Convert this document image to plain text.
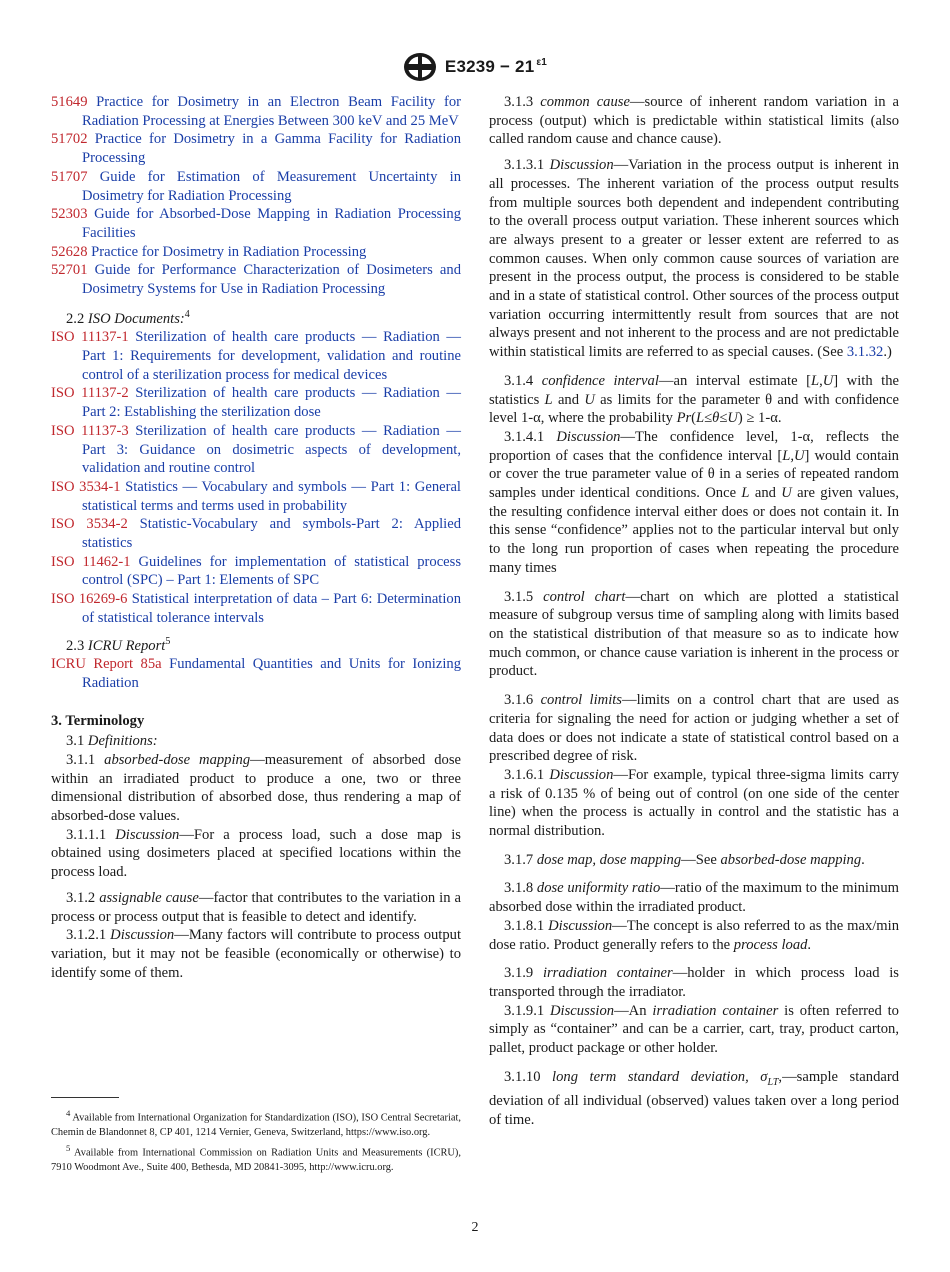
E3239 − 21 $^{\varepsilon 1}$

51649 Practice for Dosimetry in an Electron Beam Facility for Radiation Processing at Energies Between 300 keV and 25 MeV

51702 Practice for Dosimetry in a Gamma Facility for Radiation Processing

51707 Guide for Estimation of Measurement Uncertainty in Dosimetry for Radiation Processing

52303 Guide for Absorbed-Dose Mapping in Radiation Processing Facilities

52628 Practice for Dosimetry in Radiation Processing

52701 Guide for Performance Characterization of Dosimeters and Dosimetry Systems for Use in Radiation Processing

2.2 ISO Documents:$^4$

ISO 11137-1 Sterilization of health care products — Radiation — Part 1: Requirements for development, validation and routine control of a sterilization process for medical devices

ISO 11137-2 Sterilization of health care products — Radiation — Part 2: Establishing the sterilization dose

ISO 11137-3 Sterilization of health care products — Radiation — Part 3: Guidance on dosimetric aspects of development, validation and routine control

ISO 3534-1 Statistics — Vocabulary and symbols — Part 1: General statistical terms and terms used in probability

ISO 3534-2 Statistic-Vocabulary and symbols-Part 2: Applied statistics

ISO 11462-1 Guidelines for implementation of statistical process control (SPC) – Part 1: Elements of SPC

ISO 16269-6 Statistical interpretation of data – Part 6: Determination of statistical tolerance intervals

2.3 ICRU Report$^5$

ICRU Report 85a Fundamental Quantities and Units for Ionizing Radiation

3. Terminology

3.1 Definitions:

3.1.1 absorbed-dose mapping—measurement of absorbed dose within an irradiated product to produce a one, two or three dimensional distribution of absorbed dose, thus rendering a map of absorbed-dose values.

3.1.1.1 Discussion—For a process load, such a dose map is obtained using dosimeters placed at specified locations within the process load.

3.1.2 assignable cause—factor that contributes to the variation in a process or process output that is feasible to detect and identify.

3.1.2.1 Discussion—Many factors will contribute to process output variation, but it may not be feasible (economically or otherwise) to identify some of them.

$^4$ Available from International Organization for Standardization (ISO), ISO Central Secretariat, Chemin de Blandonnet 8, CP 401, 1214 Vernier, Geneva, Switzerland, https://www.iso.org.

$^5$ Available from International Commission on Radiation Units and Measurements (ICRU), 7910 Woodmont Ave., Suite 400, Bethesda, MD 20841-3095, http://www.icru.org.

3.1.3 common cause—source of inherent random variation in a process (output) which is predictable within statistical limits (also called random cause and chance cause).

3.1.3.1 Discussion—Variation in the process output is inherent in all processes. The inherent variation of the process output results from multiple sources both dependent and independent contributing to the overall process output variation. These inherent sources which are always present to a greater or lesser extent are referred to as common causes. When only common cause sources of variation are present in the process output, the process is considered to be stable and in a state of statistical control. Other sources of the process output variation occurring intermittently result from sources that are not always present and not inherent to the process and are not predictable within statistical limits are referred to as special causes. (See 3.1.32.)

3.1.4 confidence interval—an interval estimate [L,U] with the statistics L and U as limits for the parameter θ and with confidence level 1-α, where the probability Pr(L≤θ≤U) ≥ 1-α.

3.1.4.1 Discussion—The confidence level, 1-α, reflects the proportion of cases that the confidence interval [L,U] would contain or cover the true parameter value of θ in a series of repeated random samples under identical conditions. Once L and U are given values, the resulting confidence interval either does or does not contain it. In this sense “confidence” applies not to the particular interval but only to the long run proportion of cases when repeating the procedure many times

3.1.5 control chart—chart on which are plotted a statistical measure of subgroup versus time of sampling along with limits based on the statistical distribution of that measure so as to indicate how much common, or chance cause variation is inherent in the process or product.

3.1.6 control limits—limits on a control chart that are used as criteria for signaling the need for action or judging whether a set of data does or does not indicate a state of statistical control based on a prescribed degree of risk.

3.1.6.1 Discussion—For example, typical three-sigma limits carry a risk of 0.135 % of being out of control (on one side of the center line) when the process is actually in control and the statistic has a normal distribution.

3.1.7 dose map, dose mapping—See absorbed-dose mapping.

3.1.8 dose uniformity ratio—ratio of the maximum to the minimum absorbed dose within the irradiated product.

3.1.8.1 Discussion—The concept is also referred to as the max/min dose ratio. Product generally refers to the process load.

3.1.9 irradiation container—holder in which process load is transported through the irradiator.

3.1.9.1 Discussion—An irradiation container is often referred to simply as “container” and can be a carrier, cart, tray, product carton, pallet, product package or other holder.

3.1.10 long term standard deviation, $\sigma_{LT},—sample$ standard deviation of all individual (observed) values taken over a long period of time.

2
